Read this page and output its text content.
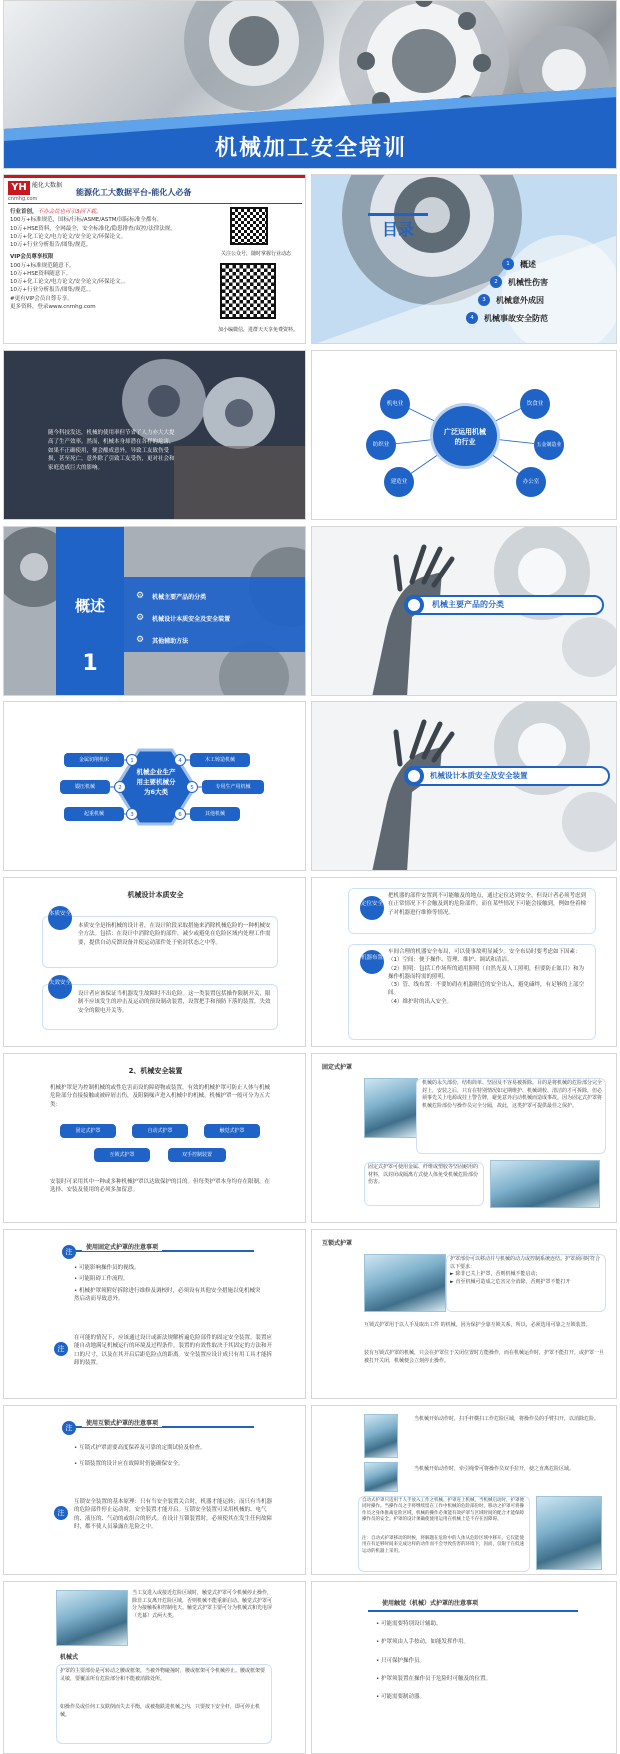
机械加工安全培训
YH 能化大数据
cnmhg.com
能源化工大数据平台-能化人必备
行业首创，不办会员也可引3回下载。
100万+标准规范，国标/行标/ASME/ASTM/国际标准全都有。
10万+HSE资料，全网最全，安全标准化/隐患排查/双控/法律法规。
10万+化工论文/电力论文/安全论文/环保论文。
10万+行业分析报告/图集/规范。
VIP会员尊享权限
100万+标准规范随意下。
10万+HSE资料随意下。
10万+化工论文/电力论文/安全论文/环保论文。。
10万+行业分析报告/图集/规范。。
#更有VIP会员自尊专享。
更多资料，登录www.cnmhg.com
关注公众号，随时掌握行业动态
加小编微信，进群天天享免费资料。
目录
1	概述
2	机械性伤害
3	机械意外成因
4	机械事故安全防范
随今科技发达，机械的使用率但节省了人力亦大大提高了生产效率。然而，机械本身却潜在各样的危害，如果不正确使用，便会酿成意外，导致工友致伤受损，甚至死亡。意外除了引致工友受伤，更对社会和家庭造成巨大的影响。
广泛运用机械的行业
机电业	饮食业
纺织业	五金制造业
建造业	办公室
概述
1
⚙ 机械主要产品的分类
⚙ 机械设计本质安全及安全装置
⚙ 其他辅助方法
机械主要产品的分类
机械企业生产用主要机械分为6大类
金属切削机床	1
锻压机械	2
起重机械	3
4	木工铸造机械
5	专用生产用机械
6	其他机械
机械设计本质安全及安全装置
机械设计本质安全
本质安全
本质安全是指机械的设计者，在设计阶段采取措施来消除机械危险的一种机械安全方法。包括：在设计中消除危险的部件，减少或避免在危险区域内处理工作需要，提供自动反馈设备并使运动部件处于密封状态之中等。
失效安全
设计者应该保证当机器发生故障时不出危险。这一类装置包括操作限制开关，限制不应该发生的冲击及运动的预设制动装置，设置把手和预防下落的装置，失效安全的限电开关等。
定位安全
把机器的部件安置到不可能触及的地点，通过定位达到安全。但设计者必须考虑到在正常情况下不会触及到的危险部件，而在某些情况下可能会接触到，例如登着梯子对机器进行维修等情况。
机器布置
车间合理的机器安全布局，可以使事故明显减少。安全布局时要考虑如下因素：
（1）空间：便于操作、管理、维护、调试和清洁。
（2）照明：包括工作场所的通用照明（自然光及人工照明，但要防止眩目）和为操作机器而特需的照明。
（3）管、线布置：不要妨碍在机器附近的安全出入，避免磕绊，有足够的上部空间。
（4）维护时的出入安全。
2、机械安全装置
机械护罩是为控制机械的或性危害而设的障碍物或装置。有效的机械护罩可防止人体与机械危险部分直接接触或被碎屑击伤，及阻隔噪声进入机械中的机械。机械护罩一般可分为五大类：
固定式护罩	自动式护罩	触觉式护罩
互锁式护罩	双手控制装置
安装时可采用其中一种或多种机械护罩以达致保护的目的。但每类护罩本身均存在限制，在选择、安装及使用的必须多加留意。
固定式护罩
机械的永久部份，结构简单、坚固及不容易被拆除。目的是将机械的危险部分完全封上，安装之后，只有在特别情况如定期维护、机械调校、清洁的才可拆除，但必须事先关上电源或挂上警告牌，避免意外启动机械而造成事故。因为固定式护罩将机械危险部份与操作员完全分隔，故此，这类护罩可提供最佳之保护。
固定式护罩可使用金属、纤维或塑胶等坚固耐用的材料，以封闭或隔离方式使人体免受机械危险部份伤害。
注
使用固定式护罩的注意事项
• 可能影响操作员的视线。
• 可能阻碍工作流程。
• 机械护罩须附好拆除进行维修及调校时，必须设有其他安全措施以免机械突然启动而导致意外。
注
在可能的情况下，应该通过设计或新法规解析遍危险部件的固定安全装置。装置应能自动地满足机械运行的环境及过程条件。装置的有效性取决于其固定的方法和开口的尺寸，以及在其开启后距危险点的距离。安全装置应设计成只有用工具才能拆卸的装置。
互锁式护罩
护罩部份可以移动并与机械的动力或控制系统连结。护罩须同时符合以下要求：
► 除非已关上护罩，否则机械不能启动；
► 直至机械可造成之危害完全消除，否则护罩不能打开
互锁式护罩用于以人手及取出工件 的机械。因为保护全靠互锁关系，所以，必须选用可靠之互锁装置。
装有互锁式护罩的机械，只会在护罩位于关闭位置时方能操作，而在机械运作时，护罩不能打开，或护罩一旦被打开关闭，机械便会立刻停止操作。
注
使用互锁式护罩的注意事项
• 互锁式护罩需要高度保养及可靠的定期试验及检查。
• 互锁装置的设计应在故障时仍能确保安全。
注
互锁安全装置的基本原理：只有当安全装置关合时，机器才能运转；而只有当机器的危险部件停止运动时，安全装置才能开启。互锁安全装置可采用机械的、电气的、液压的、气动的或组合的形式。在设计互锁装置时，必须使其在发生任何故障时，都不使人员暴露在危险之中。
当机械开始动作时，扫手杆横扫工作危险区域，将操作员的手臂扫开，以消除危险。
当机械开始动作时，牵引绳带可将操作员双手拉开，使之直离危险区域。
自动式护罩只适用于人手放入工作之机械。护罩连上机械，当机械启动时，护罩便同时操作。当操作员之手将继续留在工作中机械的危险部份时，移动之护罩可将操作员之身体推离危险区域，机械的操作必须能有效护罩与区域时间的配合才能保障操作员的安全。护罩的设计须确使使用运用在机械上是不存在因障碍。
注：自动式护罩移动的时候，将解题在危险中的人体从危险区域中移开。它仅能使用在有足够时间来完成这样的动作而不会导致伤害的环境下，因而，仅限于在低速运动的机器上采用。
当工友进入或接近危险区域时，触觉式护罩可令机械停止操作，除非工友离开危险区域，否则机械不能重新启动。触觉式护罩可分为接触板和控制电天。触觉式护罩主要可分为机械式和光电屏（光幕）式两大类。
机械式
护罩的主要部份是可转动之腰或框架，当被外物碰撞时，腰或框架可令机械停止。腰或框架要灵敏，要覆盖所有危险部分和不能被消除处所。
如操作员或任何工友跌倒而失去平衡，或被拖跌进机械之内，只要按下安全杆，即可停止机械。
使用触觉（机械）式护罩的注意事项
• 可能需要特别设计辅助。
• 护罩须由人手按动，如能发挥作用。
• 只可保护操作员。
• 护罩须装置在操作员于危险时可触及的位置。
• 可能需要制动器。
